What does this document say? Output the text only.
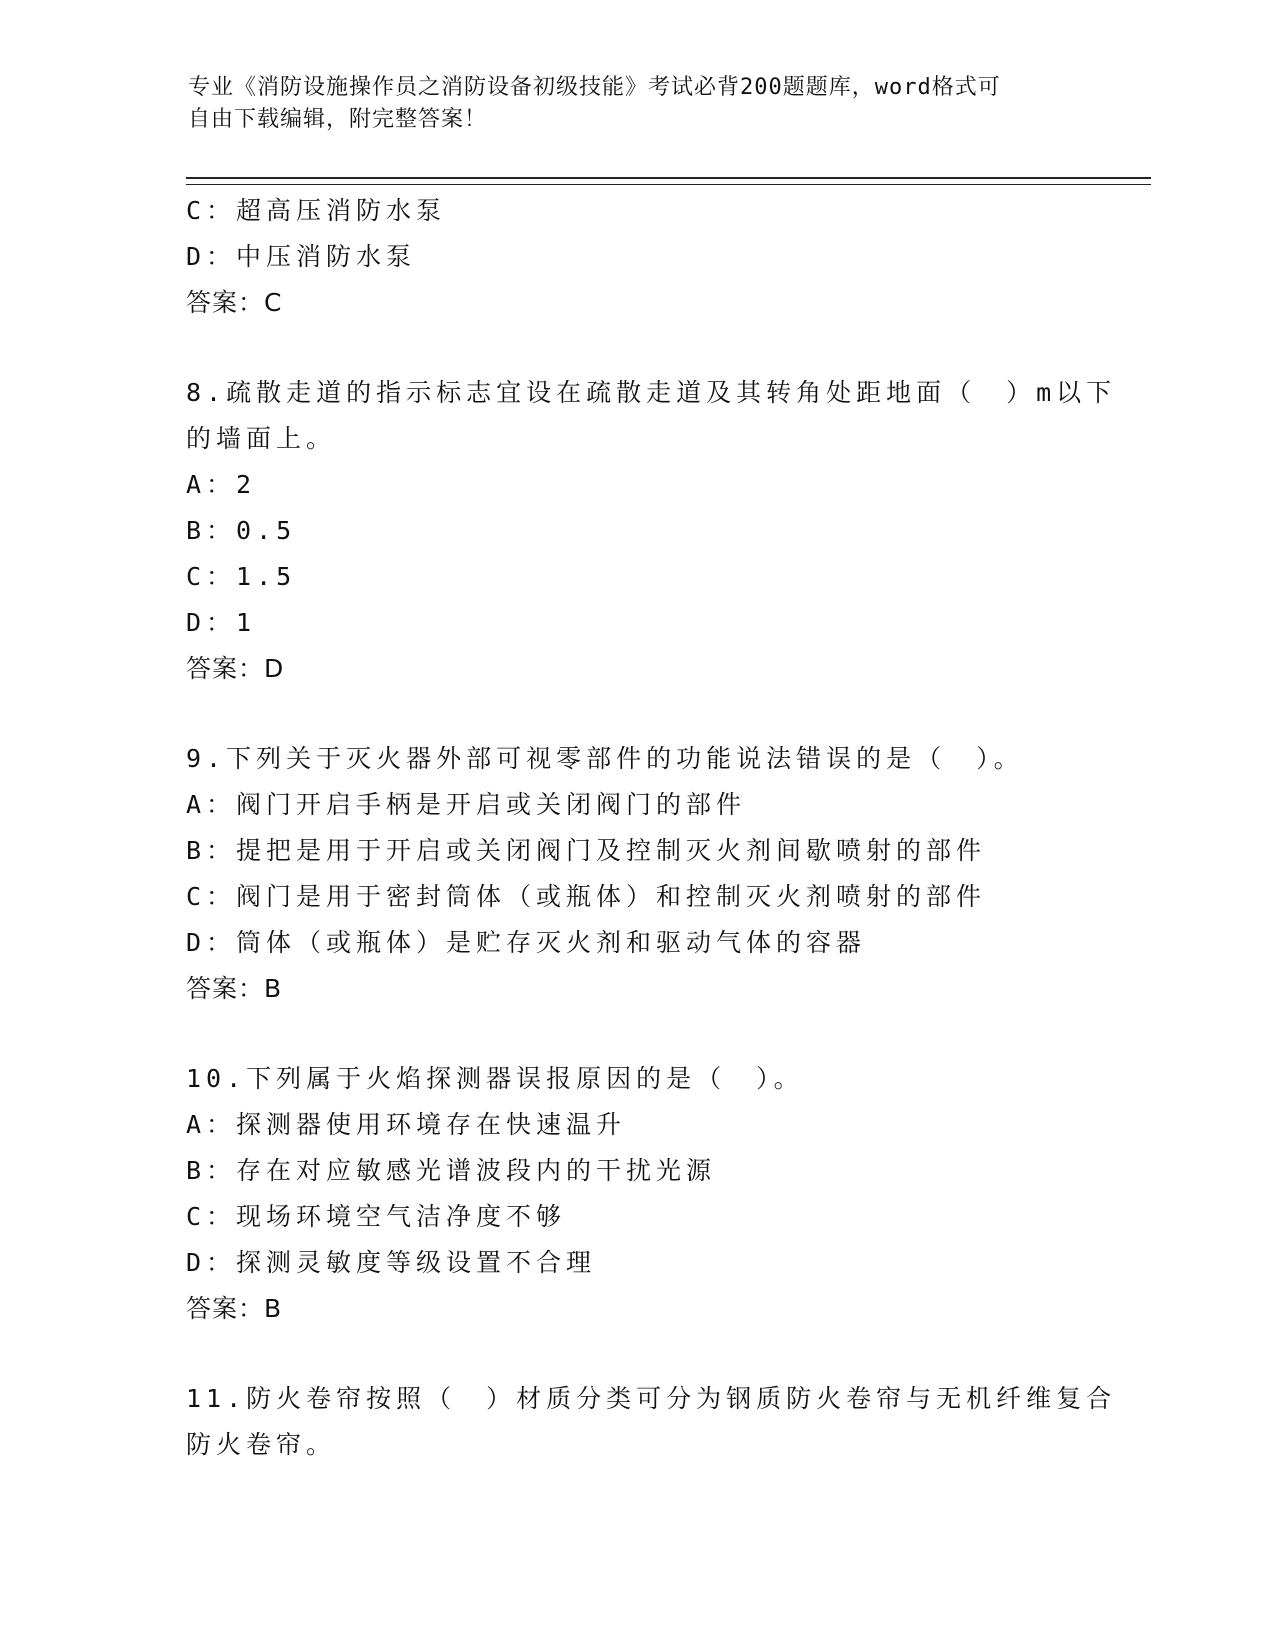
专业《消防设施操作员之消防设备初级技能》考试必背200题题库，word格式可
自由下载编辑，附完整答案！
C：超高压消防水泵
D：中压消防水泵
答案：C
8.疏散走道的指示标志宜设在疏散走道及其转角处距地面（　）m以下
的墙面上。
A：2
B：0.5
C：1.5
D：1
答案：D
9.下列关于灭火器外部可视零部件的功能说法错误的是（　）。
A：阀门开启手柄是开启或关闭阀门的部件
B：提把是用于开启或关闭阀门及控制灭火剂间歇喷射的部件
C：阀门是用于密封筒体（或瓶体）和控制灭火剂喷射的部件
D：筒体（或瓶体）是贮存灭火剂和驱动气体的容器
答案：B
10.下列属于火焰探测器误报原因的是（　）。
A：探测器使用环境存在快速温升
B：存在对应敏感光谱波段内的干扰光源
C：现场环境空气洁净度不够
D：探测灵敏度等级设置不合理
答案：B
11.防火卷帘按照（　）材质分类可分为钢质防火卷帘与无机纤维复合
防火卷帘。
